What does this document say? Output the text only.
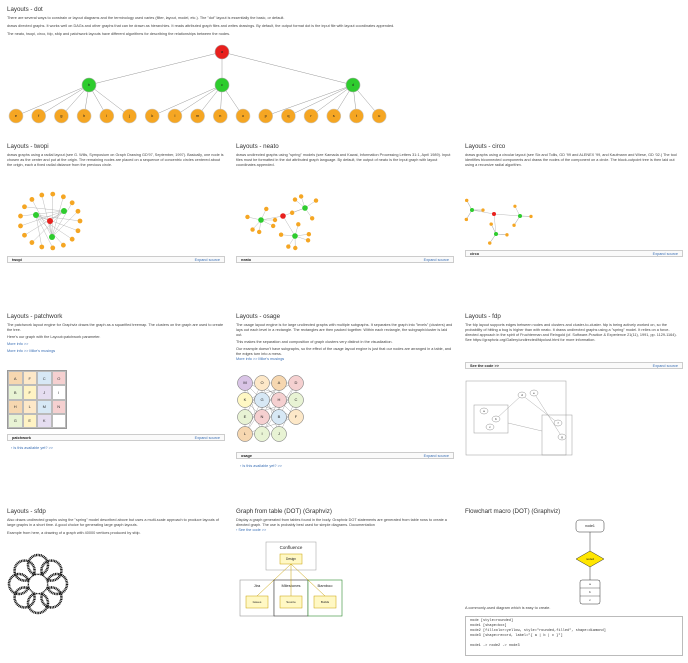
Layouts - dot

There are several ways to constrain or layout diagrams and the terminology used varies (filter, layout, model, etc.). The "dot" layout is essentially the basic, or default.

draws directed graphs. It works well on DAGs and other graphs that can be drawn as hierarchies. It reads attributed graph files and writes drawings. By default, the output format dot is the input file with layout coordinates appended.

The neato, twopi, circo, fdp, sfdp and patchwork layouts have different algorithms for describing the relationships between the nodes.

a
b	c	d
e	f	g	h	i	j	k	l	m	n	o	p	q	r	s	t	u
Layouts - twopi

draws graphs using a radial layout (see G. Wills, Symposium on Graph Drawing GD'97, September, 1997). Basically, one node is chosen as the center and put at the origin. The remaining nodes are placed on a sequence of concentric circles centered about the origin, each a fixed radial distance from the previous circle.

twopi	Expand source
Layouts - neato

draws undirected graphs using "spring" models (see Kamada and Kawai, Information Processing Letters 31:1, April 1989). Input files must be formatted in the dot attributed graph language. By default, the output of neato is the input graph with layout coordinates appended.

neato	Expand source
Layouts - circo

draws graphs using a circular layout (see Six and Tollis, GD '99 and ALENEX '99, and Kaufmann and Wiese, GD '02.) The tool identifies biconnected components and draws the nodes of the component on a circle. The block-cutpoint tree is then laid out using a recursive radial algorithm.

circo	Expand source
Layouts - patchwork

The patchwork layout engine for Graphviz draws the graph as a squarified treemap. The clusters on the graph are used to create the tree.

Here's our graph with the Layout=patchwork parameter.

More info >>

More info >> Mike's musings

A	F	C	O
B	F	J	I
H	L	M	N
G	E	K
patchwork	Expand source
› Is this available yet? >>
Layouts - osage

The osage layout engine is for large undirected graphs with multiple subgraphs. It separates the graph into "levels" (clusters) and lays out each level in a rectangle. The rectangles are then packed together. Within each rectangle, the subgraph/cluster is laid out.

This makes the separation and composition of graph clusters very distinct in the visualization.

Our example doesn't have subgraphs, so the effect of the osage layout engine is just that our nodes are arranged in a table, and the edges turn into a mess.

More info >> Mike's musings

M	O	A	D
K	G	H	C
E	N	B	F
L	I	J
osage	Expand source
› Is this available yet? >>
Layouts - fdp

The fdp layout supports edges between nodes and clusters and cluster-to-cluster. fdp is being actively worked on, so the probability of hitting a bug is higher than with neato. It draws undirected graphs using a "spring" model. It relies on a force-directed approach in the spirit of Fruchterman and Reingold (cf. Software-Practice & Experience 21(11), 1991, pp. 1129-1164).

See https://graphviz.org/Gallery/undirected/fdpclust.html for more information.

See the code >>	Expand source
a
b
c
d	e
f
g
Layouts - sfdp

Also draws undirected graphs using the "spring" model described above but uses a multi-scale approach to produce layouts of large graphs in a short time. A good choice for generating large graph layouts.

Example from here, a drawing of a graph with 40000 vertices produced by sfdp.

Graph from table (DOT) (Graphviz)

Display a graph generated from tables found in the body. Graphviz DOT statements are generated from table rows to create a directed graph. The use is probably best used for simple diagrams. Documentation

› See the code >>

Confluence
Design
Jira
Issues
Milestones
Source
Bamboo
Builds
Flowchart macro (DOT) (Graphviz)
node1
node2
a
b
c
A commonly-used diagram which is easy to create.
node [style=rounded]
node1 [shape=box]
node2 [fillcolor=yellow, style="rounded,filled", shape=diamond]
node3 [shape=record, label="{ a | b | c }"]

node1 -> node2 -> node3
